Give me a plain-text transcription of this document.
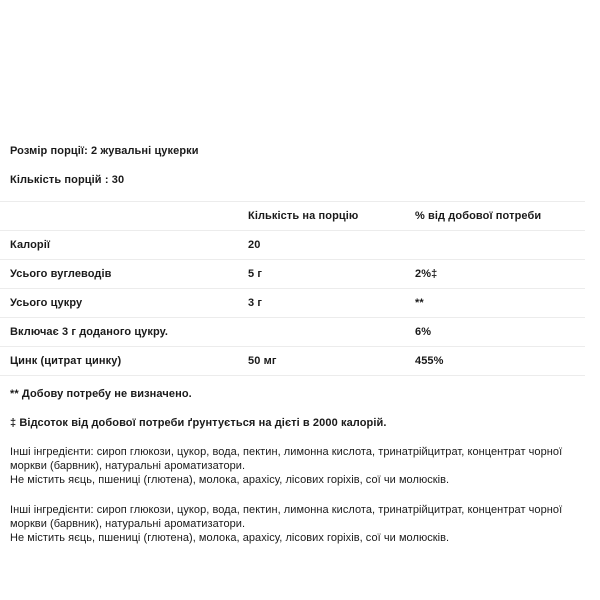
Розмір порції: 2 жувальні цукерки

Кількість порцій : 30

	Кількість на порцію	% від добової потреби
Калорії	20	
Усього вуглеводів	5 г	2%‡
Усього цукру	3 г	**
Включає 3 г доданого цукру.		6%
Цинк (цитрат цинку)	50 мг	455%

** Добову потребу не визначено.

‡ Відсоток від добової потреби ґрунтується на дієті в 2000 калорій.

Інші інгредієнти: сироп глюкози, цукор, вода, пектин, лимонна кислота, тринатрійцитрат, концентрат чорної моркви (барвник), натуральні ароматизатори.

Не містить яєць, пшениці (глютена), молока, арахісу, лісових горіхів, сої чи молюсків.

Інші інгредієнти: сироп глюкози, цукор, вода, пектин, лимонна кислота, тринатрійцитрат, концентрат чорної моркви (барвник), натуральні ароматизатори.

Не містить яєць, пшениці (глютена), молока, арахісу, лісових горіхів, сої чи молюсків.
